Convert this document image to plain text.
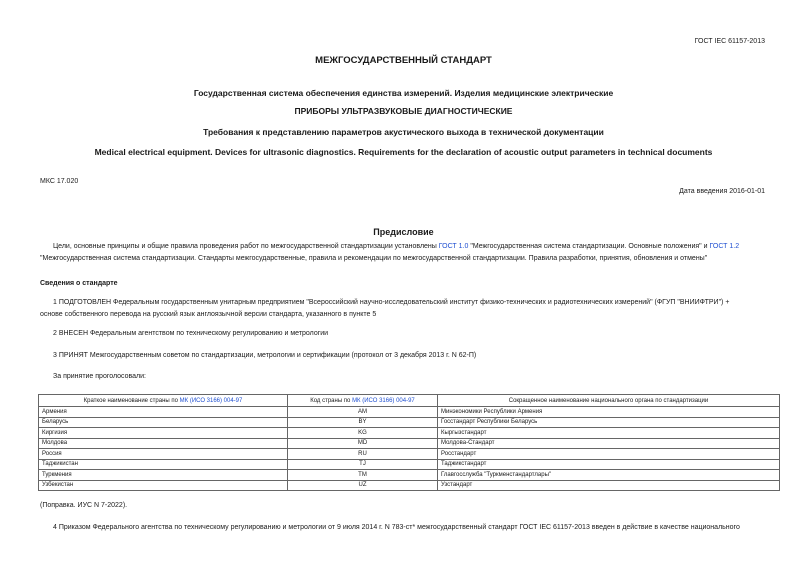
ГОСТ IEC 61157-2013
МЕЖГОСУДАРСТВЕННЫЙ СТАНДАРТ
Государственная система обеспечения единства измерений. Изделия медицинские электрические
ПРИБОРЫ УЛЬТРАЗВУКОВЫЕ ДИАГНОСТИЧЕСКИЕ
Требования к представлению параметров акустического выхода в технической документации
Medical electrical equipment. Devices for ultrasonic diagnostics. Requirements for the declaration of acoustic output parameters in technical documents
МКС 17.020
Дата введения 2016-01-01
Предисловие
Цели, основные принципы и общие правила проведения работ по межгосударственной стандартизации установлены ГОСТ 1.0 "Межгосударственная система стандартизации. Основные положения" и ГОСТ 1.2
"Межгосударственная система стандартизации. Стандарты межгосударственные, правила и рекомендации по межгосударственной стандартизации. Правила разработки, принятия, обновления и отмены"
Сведения о стандарте
1 ПОДГОТОВЛЕН Федеральным государственным унитарным предприятием "Всероссийский научно-исследовательский институт физико-технических и радиотехнических измерений" (ФГУП "ВНИИФТРИ") +
основе собственного перевода на русский язык англоязычной версии стандарта, указанного в пункте 5
2 ВНЕСЕН Федеральным агентством по техническому регулированию и метрологии
3 ПРИНЯТ Межгосударственным советом по стандартизации, метрологии и сертификации (протокол от 3 декабря 2013 г. N 62-П)
За принятие проголосовали:
Краткое наименование страны по МК (ИСО 3166) 004-97	Код страны по МК (ИСО 3166) 004-97	Сокращенное наименование национального органа по стандартизации
Армения	AM	Минэкономики Республики Армения
Беларусь	BY	Госстандарт Республики Беларусь
Киргизия	KG	Кыргызстандарт
Молдова	MD	Молдова-Стандарт
Россия	RU	Росстандарт
Таджикистан	TJ	Таджикстандарт
Туркмения	TM	Главгосслужба "Туркменстандартлары"
Узбекистан	UZ	Узстандарт
(Поправка. ИУС N 7-2022).
4 Приказом Федерального агентства по техническому регулированию и метрологии от 9 июля 2014 г. N 783-ст* межгосударственный стандарт ГОСТ IEC 61157-2013 введен в действие в качестве национального
